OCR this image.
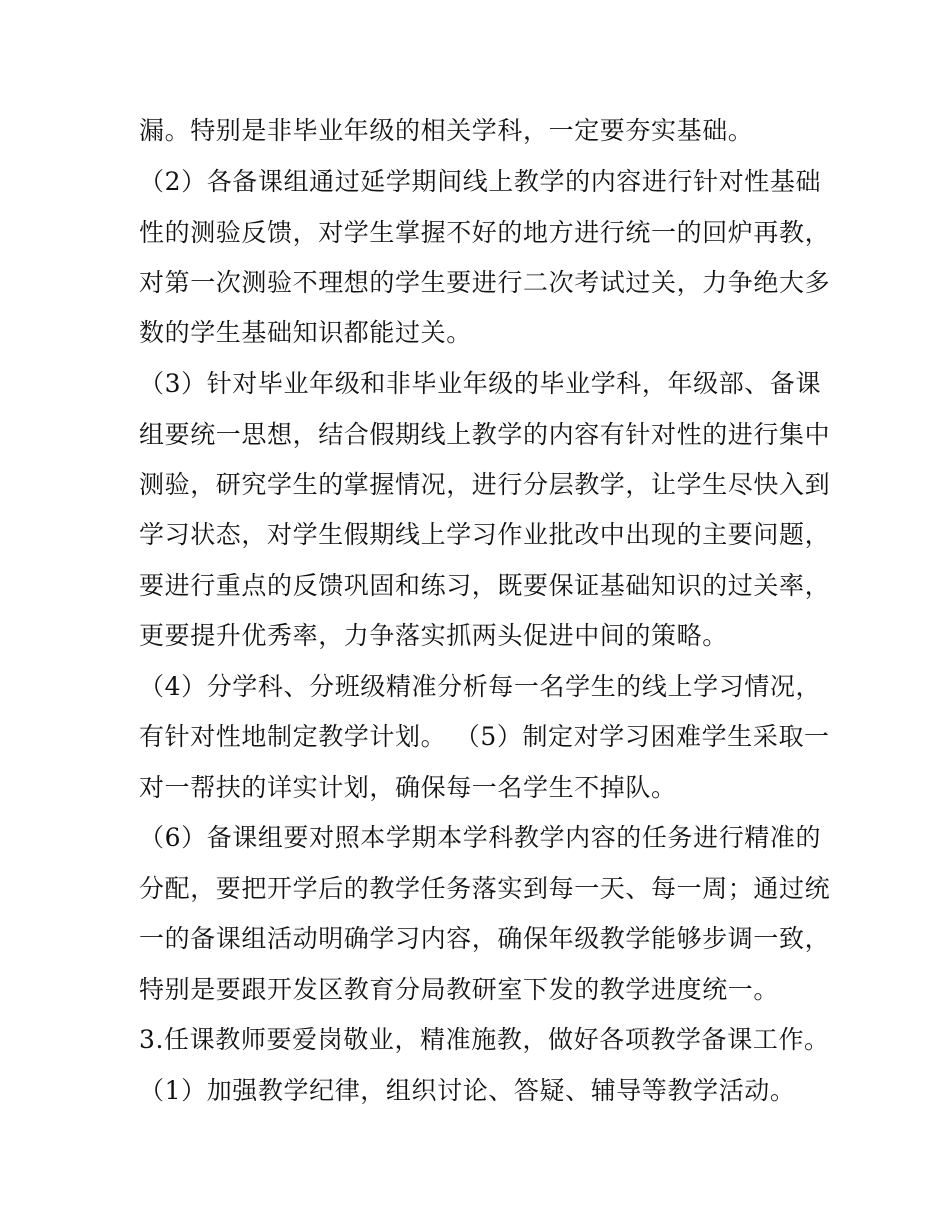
漏。特别是非毕业年级的相关学科，一定要夯实基础。
（2）各备课组通过延学期间线上教学的内容进行针对性基础
性的测验反馈，对学生掌握不好的地方进行统一的回炉再教，
对第一次测验不理想的学生要进行二次考试过关，力争绝大多
数的学生基础知识都能过关。
（3）针对毕业年级和非毕业年级的毕业学科，年级部、备课
组要统一思想，结合假期线上教学的内容有针对性的进行集中
测验，研究学生的掌握情况，进行分层教学，让学生尽快入到
学习状态，对学生假期线上学习作业批改中出现的主要问题，
要进行重点的反馈巩固和练习，既要保证基础知识的过关率，
更要提升优秀率，力争落实抓两头促进中间的策略。
（4）分学科、分班级精准分析每一名学生的线上学习情况，
有针对性地制定教学计划。 （5）制定对学习困难学生采取一
对一帮扶的详实计划，确保每一名学生不掉队。
（6）备课组要对照本学期本学科教学内容的任务进行精准的
分配，要把开学后的教学任务落实到每一天、每一周；通过统
一的备课组活动明确学习内容，确保年级教学能够步调一致，
特别是要跟开发区教育分局教研室下发的教学进度统一。
3.任课教师要爱岗敬业，精准施教，做好各项教学备课工作。
（1）加强教学纪律，组织讨论、答疑、辅导等教学活动。
